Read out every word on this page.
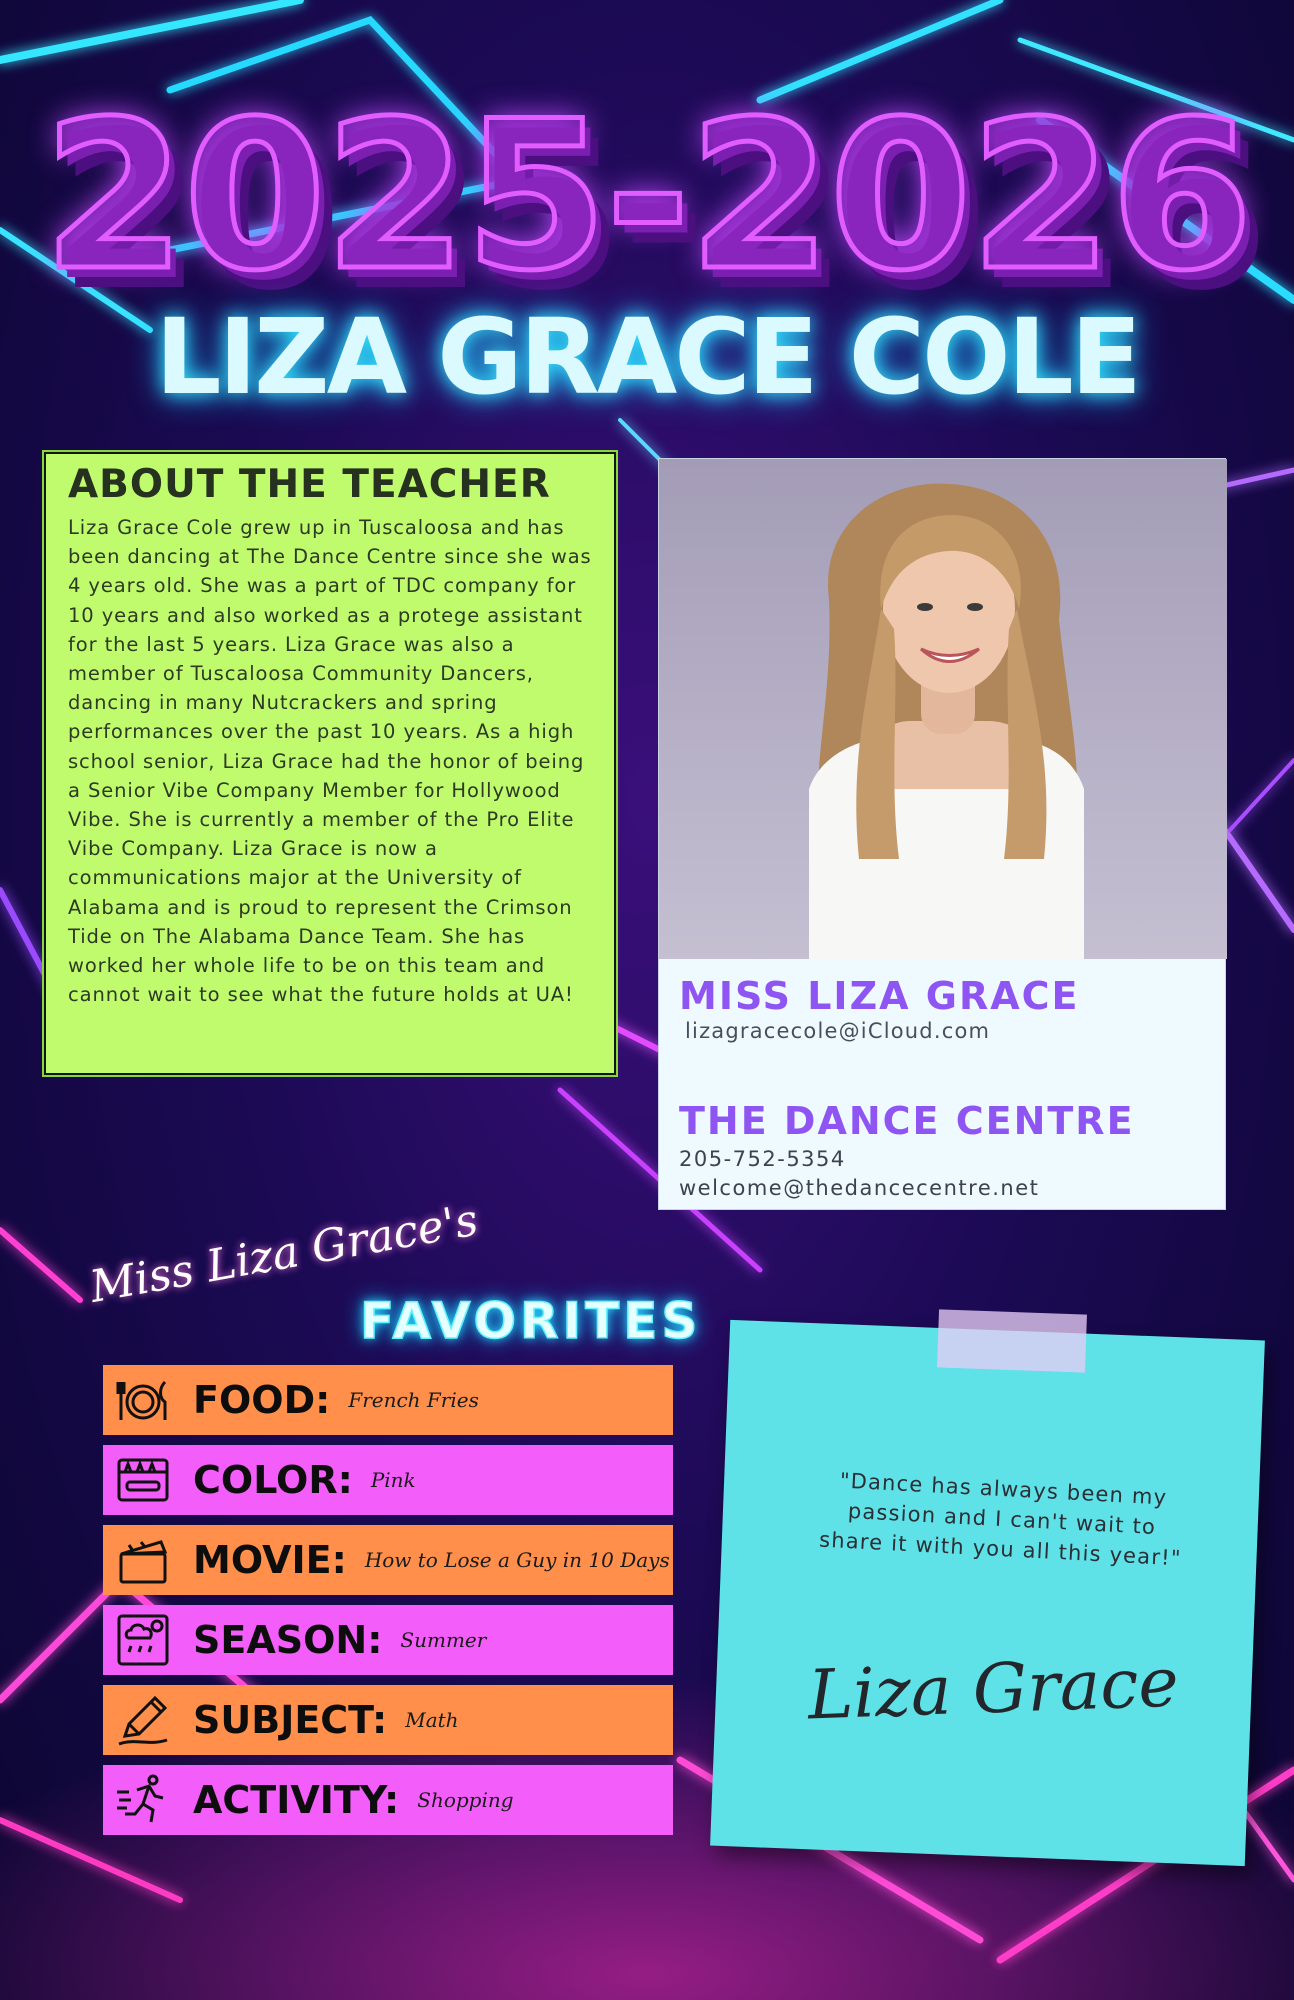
2025-2026
LIZA GRACE COLE
ABOUT THE TEACHER

Liza Grace Cole grew up in Tuscaloosa and has been dancing at The Dance Centre since she was 4 years old. She was a part of TDC company for 10 years and also worked as a protege assistant for the last 5 years. Liza Grace was also a member of Tuscaloosa Community Dancers, dancing in many Nutcrackers and spring performances over the past 10 years. As a high school senior, Liza Grace had the honor of being a Senior Vibe Company Member for Hollywood Vibe. She is currently a member of the Pro Elite Vibe Company. Liza Grace is now a communications major at the University of Alabama and is proud to represent the Crimson Tide on The Alabama Dance Team. She has worked her whole life to be on this team and cannot wait to see what the future holds at UA!	MISS LIZA GRACE
lizagracecole@iCloud.com
THE DANCE CENTRE
205-752-5354
welcome@thedancecentre.net
Miss Liza Grace's
FAVORITES
FOOD: French Fries
COLOR: Pink
MOVIE: How to Lose a Guy in 10 Days
SEASON: Summer
SUBJECT: Math
ACTIVITY: Shopping

"Dance has always been my passion and I can't wait to share it with you all this year!"

Liza Grace
